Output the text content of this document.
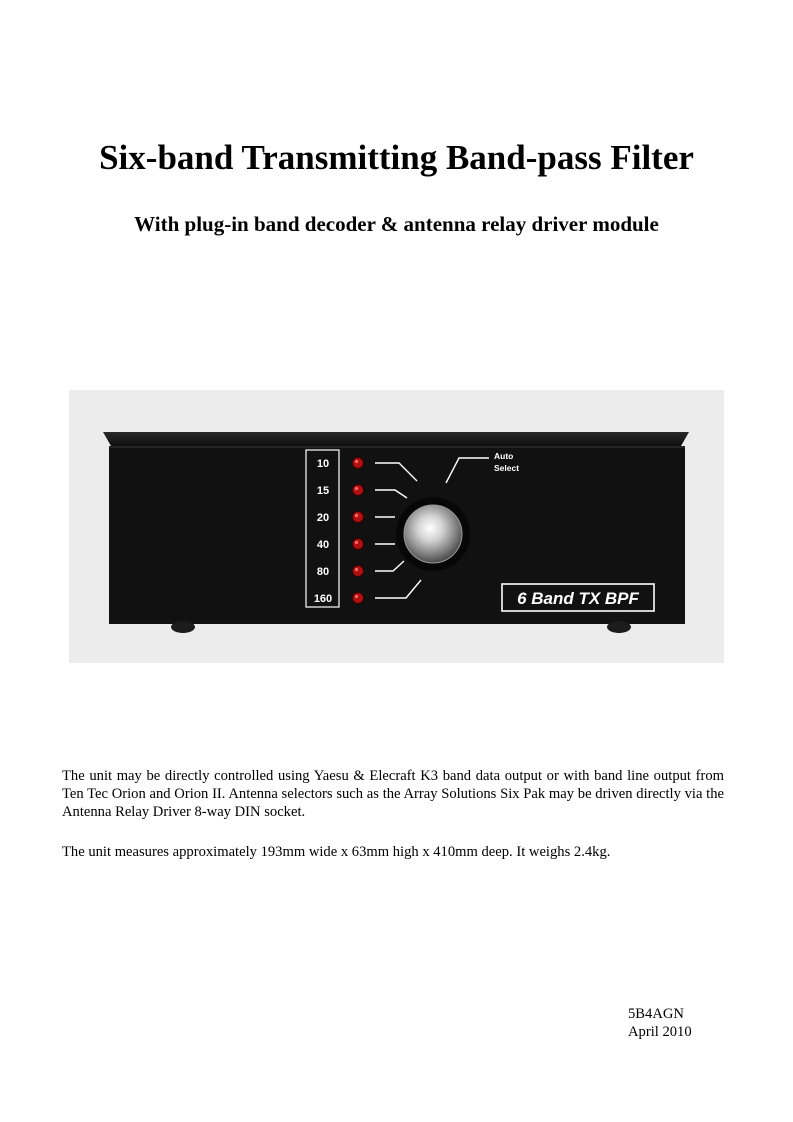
Six-band Transmitting Band-pass Filter
With plug-in band decoder & antenna relay driver module
10
15
20
40
80
160
Auto
Select
6 Band TX BPF
The unit may be directly controlled using Yaesu & Elecraft K3 band data output or with band line output from Ten Tec Orion and Orion II. Antenna selectors such as the Array Solutions Six Pak may be driven directly via the Antenna Relay Driver 8-way DIN socket.
The unit measures approximately 193mm wide x 63mm high x 410mm deep. It weighs 2.4kg.
5B4AGN
April 2010
